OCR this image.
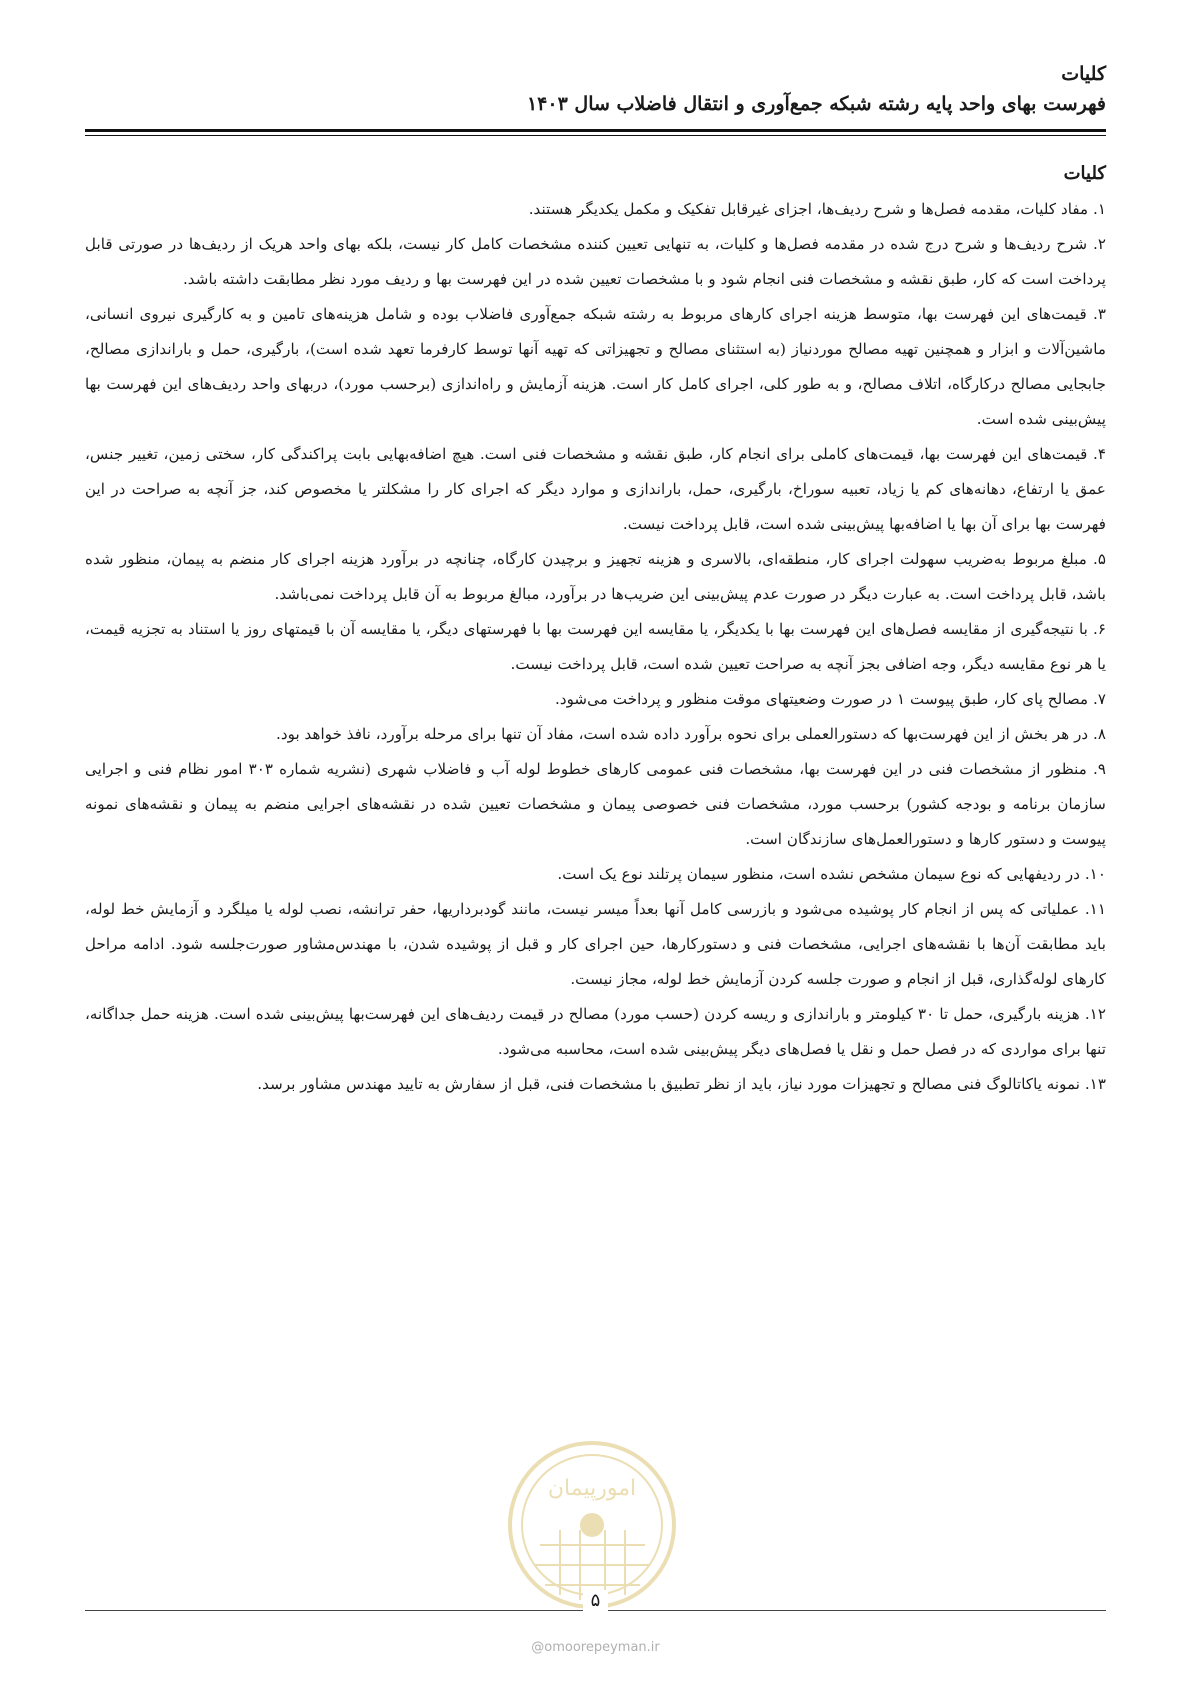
کلیات
فهرست بهای واحد پایه رشته شبکه جمع‌آوری و انتقال فاضلاب سال ۱۴۰۳
کلیات

۱. مفاد کلیات، مقدمه فصل‌ها و شرح ردیف‌ها، اجزای غیرقابل تفکیک و مکمل یکدیگر هستند.

۲. شرح ردیف‌ها و شرح درج شده در مقدمه فصل‌ها و کلیات، به تنهایی تعیین کننده مشخصات کامل کار نیست، بلکه بهای واحد هریک از ردیف‌ها در صورتی قابل پرداخت است که کار، طبق نقشه و مشخصات فنی انجام شود و با مشخصات تعیین شده در این فهرست بها و ردیف مورد نظر مطابقت داشته باشد.

۳. قیمت‌های این فهرست بها، متوسط هزینه اجرای کارهای مربوط به رشته شبکه جمع‌آوری فاضلاب بوده و شامل هزینه‌های تامین و به کارگیری نیروی انسانی، ماشین‌آلات و ابزار و همچنین تهیه مصالح موردنیاز (به استثنای مصالح و تجهیزاتی که تهیه آنها توسط کارفرما تعهد شده است)، بارگیری، حمل و باراندازی مصالح، جابجایی مصالح درکارگاه، اتلاف مصالح، و به طور کلی، اجرای کامل کار است. هزینه آزمایش و راه‌اندازی (برحسب مورد)، دربهای واحد ردیف‌های این فهرست بها پیش‌بینی شده است.

۴. قیمت‌های این فهرست بها، قیمت‌های کاملی برای انجام کار، طبق نقشه و مشخصات فنی است. هیچ اضافه‌بهایی بابت پراکندگی کار، سختی زمین، تغییر جنس، عمق یا ارتفاع، دهانه‌های کم یا زیاد، تعبیه سوراخ، بارگیری، حمل، باراندازی و موارد دیگر که اجرای کار را مشکلتر یا مخصوص کند، جز آنچه به صراحت در این فهرست بها برای آن بها یا اضافه‌بها پیش‌بینی شده است، قابل پرداخت نیست.

۵. مبلغ مربوط به‌ضریب سهولت اجرای کار، منطقه‌ای، بالاسری و هزینه تجهیز و برچیدن کارگاه، چنانچه در برآورد هزینه اجرای کار منضم به پیمان، منظور شده باشد، قابل پرداخت است. به عبارت دیگر در صورت عدم پیش‌بینی این ضریب‌ها در برآورد، مبالغ مربوط به آن قابل پرداخت نمی‌باشد.

۶. با نتیجه‌گیری از مقایسه فصل‌های این فهرست بها با یکدیگر، یا مقایسه این فهرست بها با فهرستهای دیگر، یا مقایسه آن با قیمتهای روز یا استناد به تجزیه قیمت، یا هر نوع مقایسه دیگر، وجه اضافی بجز آنچه به صراحت تعیین شده است، قابل پرداخت نیست.

۷. مصالح پای کار، طبق پیوست ۱ در صورت وضعیتهای موقت منظور و پرداخت می‌شود.

۸. در هر بخش از این فهرست‌بها که دستورالعملی برای نحوه برآورد داده شده است، مفاد آن تنها برای مرحله برآورد، نافذ خواهد بود.

۹. منظور از مشخصات فنی در این فهرست بها، مشخصات فنی عمومی کارهای خطوط لوله آب و فاضلاب شهری (نشریه شماره ۳۰۳ امور نظام فنی و اجرایی سازمان برنامه و بودجه کشور) برحسب مورد، مشخصات فنی خصوصی پیمان و مشخصات تعیین شده در نقشه‌های اجرایی منضم به پیمان و نقشه‌های نمونه پیوست و دستور کارها و دستورالعمل‌های سازندگان است.

۱۰. در ردیفهایی که نوع سیمان مشخص نشده است، منظور سیمان پرتلند نوع یک است.

۱۱. عملیاتی که پس از انجام کار پوشیده می‌شود و بازرسی کامل آنها بعداً میسر نیست، مانند گودبرداریها، حفر ترانشه، نصب لوله یا میلگرد و آزمایش خط لوله، باید مطابقت آن‌ها با نقشه‌های اجرایی، مشخصات فنی و دستورکارها، حین اجرای کار و قبل از پوشیده شدن، با مهندس‌مشاور صورت‌جلسه شود. ادامه مراحل کارهای لوله‌گذاری، قبل از انجام و صورت جلسه کردن آزمایش خط لوله، مجاز نیست.

۱۲. هزینه بارگیری، حمل تا ۳۰ کیلومتر و باراندازی و ریسه کردن (حسب مورد) مصالح در قیمت ردیف‌های این فهرست‌بها پیش‌بینی شده است. هزینه حمل جداگانه، تنها برای مواردی که در فصل حمل و نقل یا فصل‌های دیگر پیش‌بینی شده است، محاسبه می‌شود.

۱۳. نمونه یاکاتالوگ فنی مصالح و تجهیزات مورد نیاز، باید از نظر تطبیق با مشخصات فنی، قبل از سفارش به تایید مهندس مشاور برسد.

امورپیمان
۵
@omoorepeyman.ir
